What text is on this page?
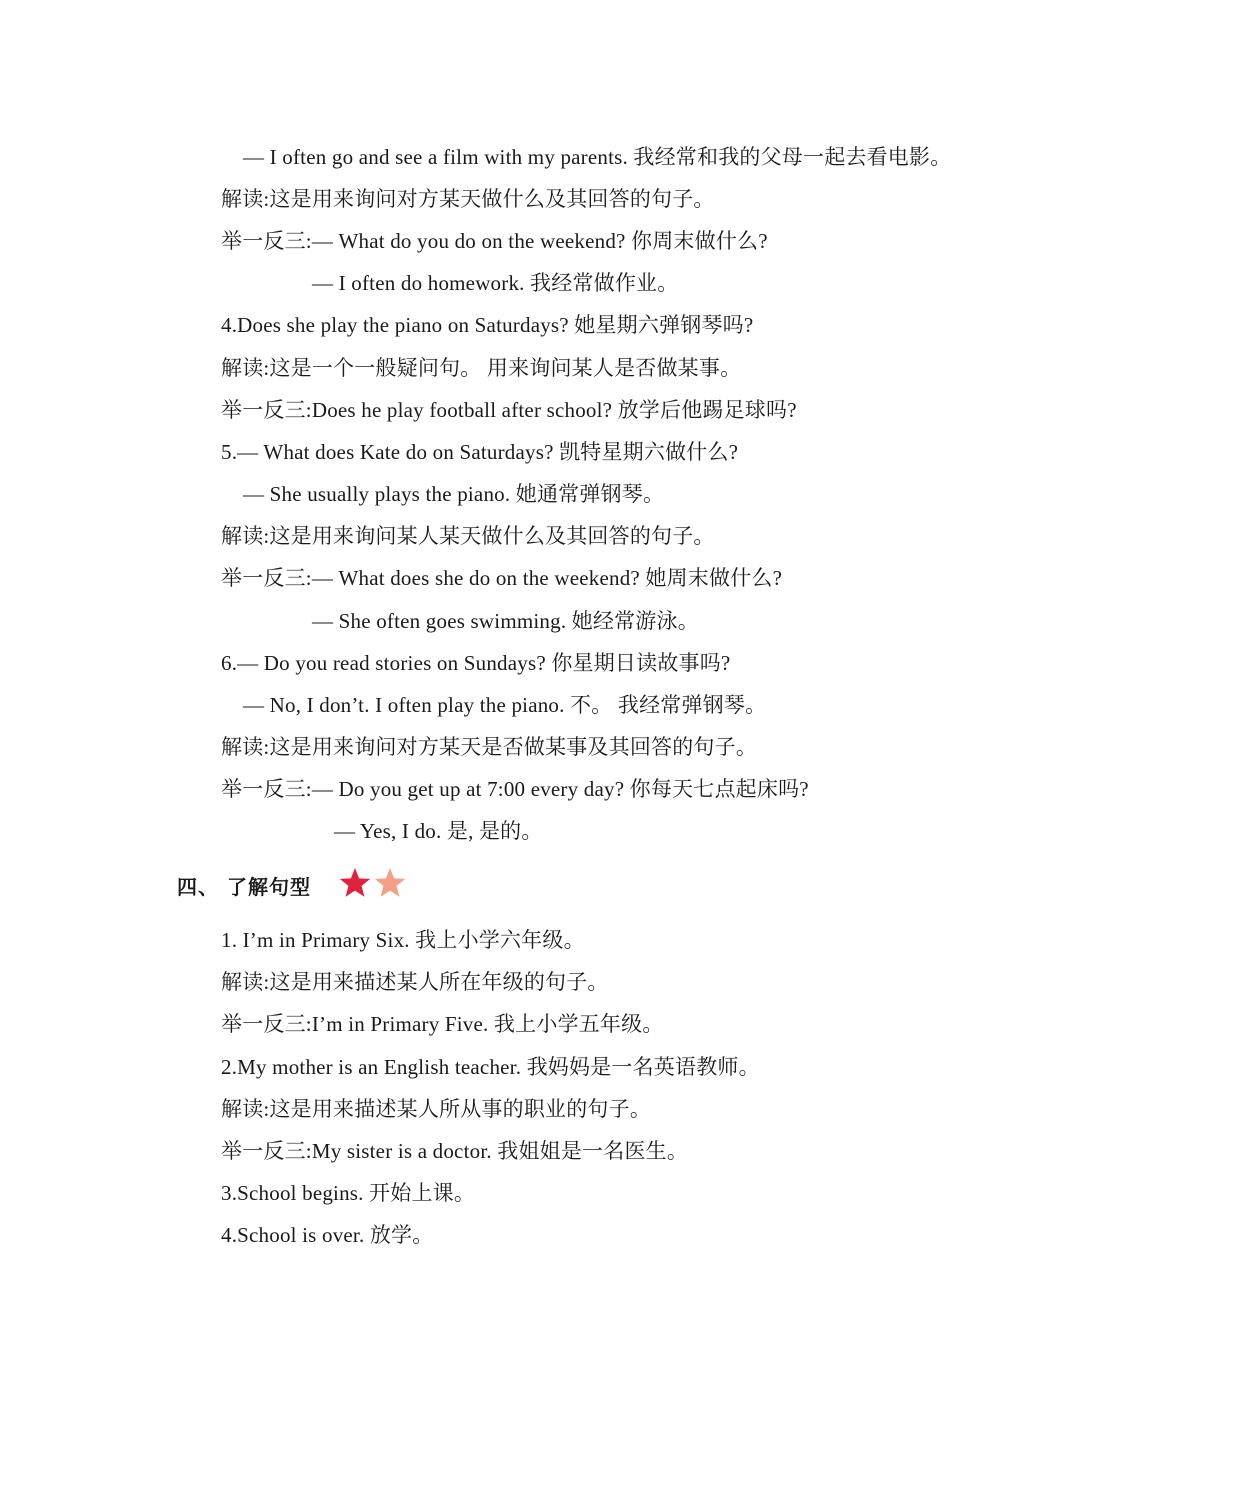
— I often go and see a film with my parents. 我经常和我的父母一起去看电影。
解读:这是用来询问对方某天做什么及其回答的句子。
举一反三:— What do you do on the weekend? 你周末做什么?
— I often do homework. 我经常做作业。
4.Does she play the piano on Saturdays? 她星期六弹钢琴吗?
解读:这是一个一般疑问句。 用来询问某人是否做某事。
举一反三:Does he play football after school? 放学后他踢足球吗?
5.— What does Kate do on Saturdays? 凯特星期六做什么?
— She usually plays the piano. 她通常弹钢琴。
解读:这是用来询问某人某天做什么及其回答的句子。
举一反三:— What does she do on the weekend? 她周末做什么?
— She often goes swimming. 她经常游泳。
6.— Do you read stories on Sundays? 你星期日读故事吗?
— No, I don’t. I often play the piano. 不。 我经常弹钢琴。
解读:这是用来询问对方某天是否做某事及其回答的句子。
举一反三:— Do you get up at 7:00 every day? 你每天七点起床吗?
— Yes, I do. 是, 是的。
四、 了解句型
1. I’m in Primary Six. 我上小学六年级。
解读:这是用来描述某人所在年级的句子。
举一反三:I’m in Primary Five. 我上小学五年级。
2.My mother is an English teacher. 我妈妈是一名英语教师。
解读:这是用来描述某人所从事的职业的句子。
举一反三:My sister is a doctor. 我姐姐是一名医生。
3.School begins. 开始上课。
4.School is over. 放学。
